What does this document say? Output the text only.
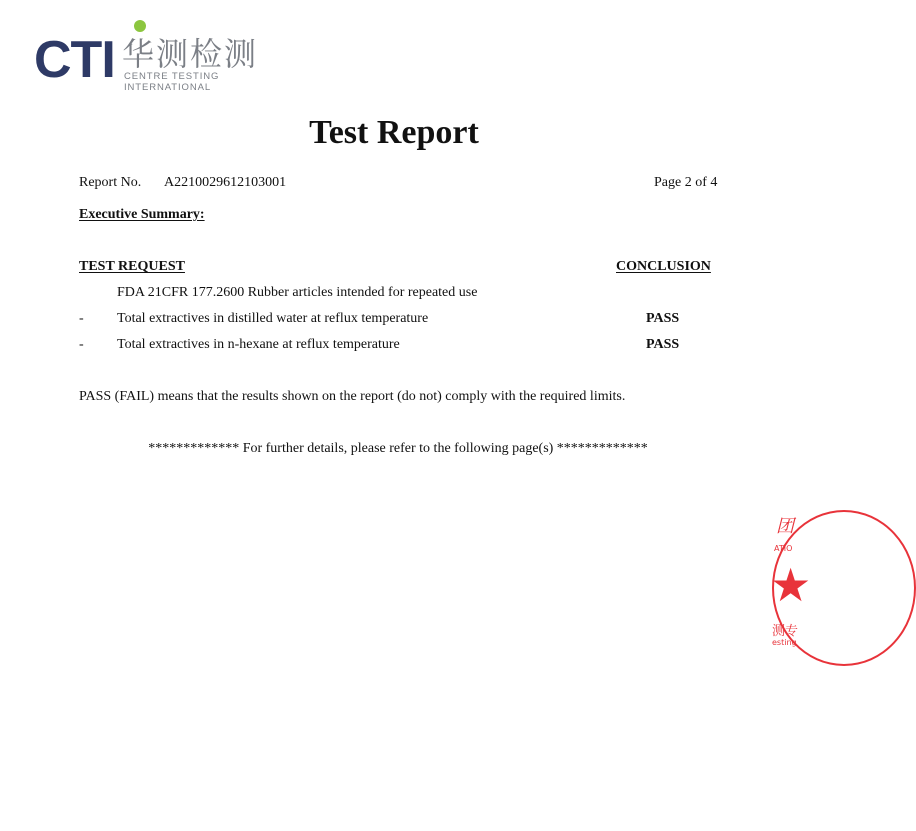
CTI 华测检测
CENTRE TESTING INTERNATIONAL
Test Report
Report No. A2210029612103001	Page 2 of 4
Executive Summary:
TEST REQUEST	CONCLUSION
FDA 21CFR 177.2600 Rubber articles intended for repeated use
- Total extractives in distilled water at reflux temperature	PASS
- Total extractives in n-hexane at reflux temperature	PASS
PASS (FAIL) means that the results shown on the report (do not) comply with the required limits.
************* For further details, please refer to the following page(s) *************
团
ATIO
★
测专
esting
